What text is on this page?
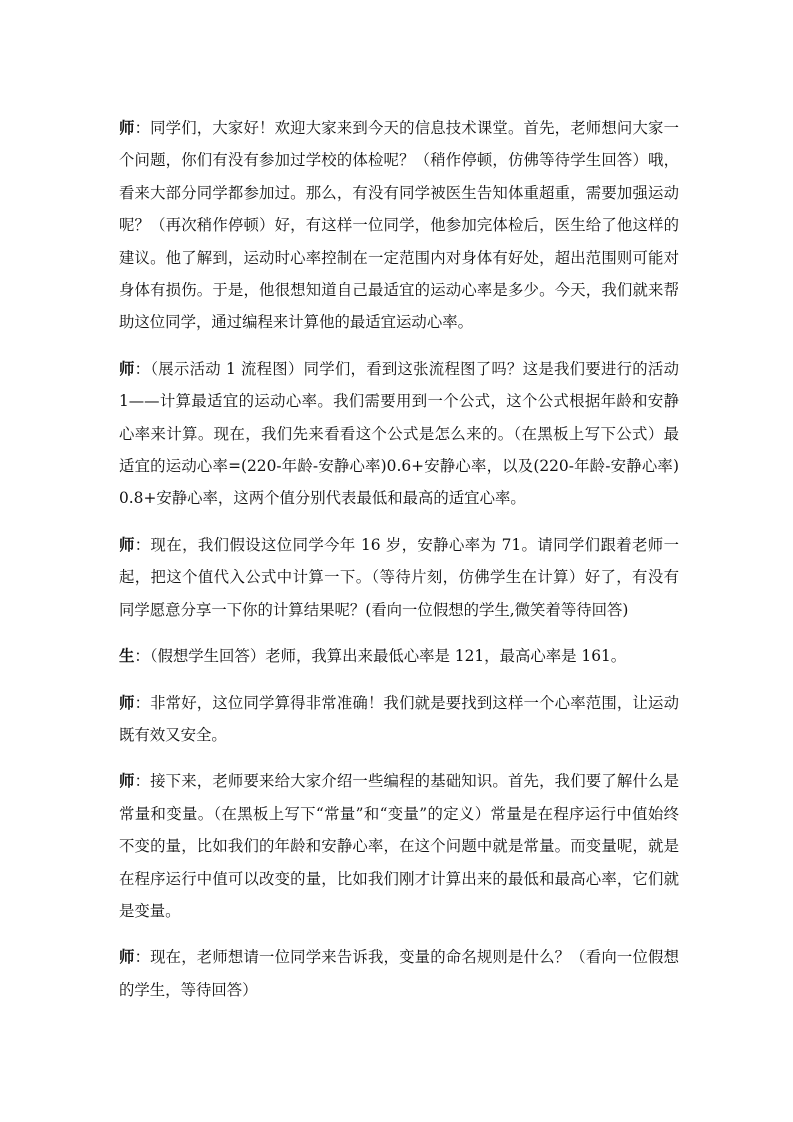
师：同学们，大家好！欢迎大家来到今天的信息技术课堂。首先，老师想问大家一个问题，你们有没有参加过学校的体检呢？（稍作停顿，仿佛等待学生回答）哦，看来大部分同学都参加过。那么，有没有同学被医生告知体重超重，需要加强运动呢？（再次稍作停顿）好，有这样一位同学，他参加完体检后，医生给了他这样的建议。他了解到，运动时心率控制在一定范围内对身体有好处，超出范围则可能对身体有损伤。于是，他很想知道自己最适宜的运动心率是多少。今天，我们就来帮助这位同学，通过编程来计算他的最适宜运动心率。

师：（展示活动 1 流程图）同学们，看到这张流程图了吗？这是我们要进行的活动 1——计算最适宜的运动心率。我们需要用到一个公式，这个公式根据年龄和安静心率来计算。现在，我们先来看看这个公式是怎么来的。（在黑板上写下公式）最适宜的运动心率=(220-年龄-安静心率)0.6+安静心率，以及(220-年龄-安静心率)0.8+安静心率，这两个值分别代表最低和最高的适宜心率。

师：现在，我们假设这位同学今年 16 岁，安静心率为 71。请同学们跟着老师一起，把这个值代入公式中计算一下。（等待片刻，仿佛学生在计算）好了，有没有同学愿意分享一下你的计算结果呢？(看向一位假想的学生,微笑着等待回答)

生：（假想学生回答）老师，我算出来最低心率是 121，最高心率是 161。

师：非常好，这位同学算得非常准确！我们就是要找到这样一个心率范围，让运动既有效又安全。

师：接下来，老师要来给大家介绍一些编程的基础知识。首先，我们要了解什么是常量和变量。（在黑板上写下“常量”和“变量”的定义）常量是在程序运行中值始终不变的量，比如我们的年龄和安静心率，在这个问题中就是常量。而变量呢，就是在程序运行中值可以改变的量，比如我们刚才计算出来的最低和最高心率，它们就是变量。

师：现在，老师想请一位同学来告诉我，变量的命名规则是什么？（看向一位假想的学生，等待回答）
